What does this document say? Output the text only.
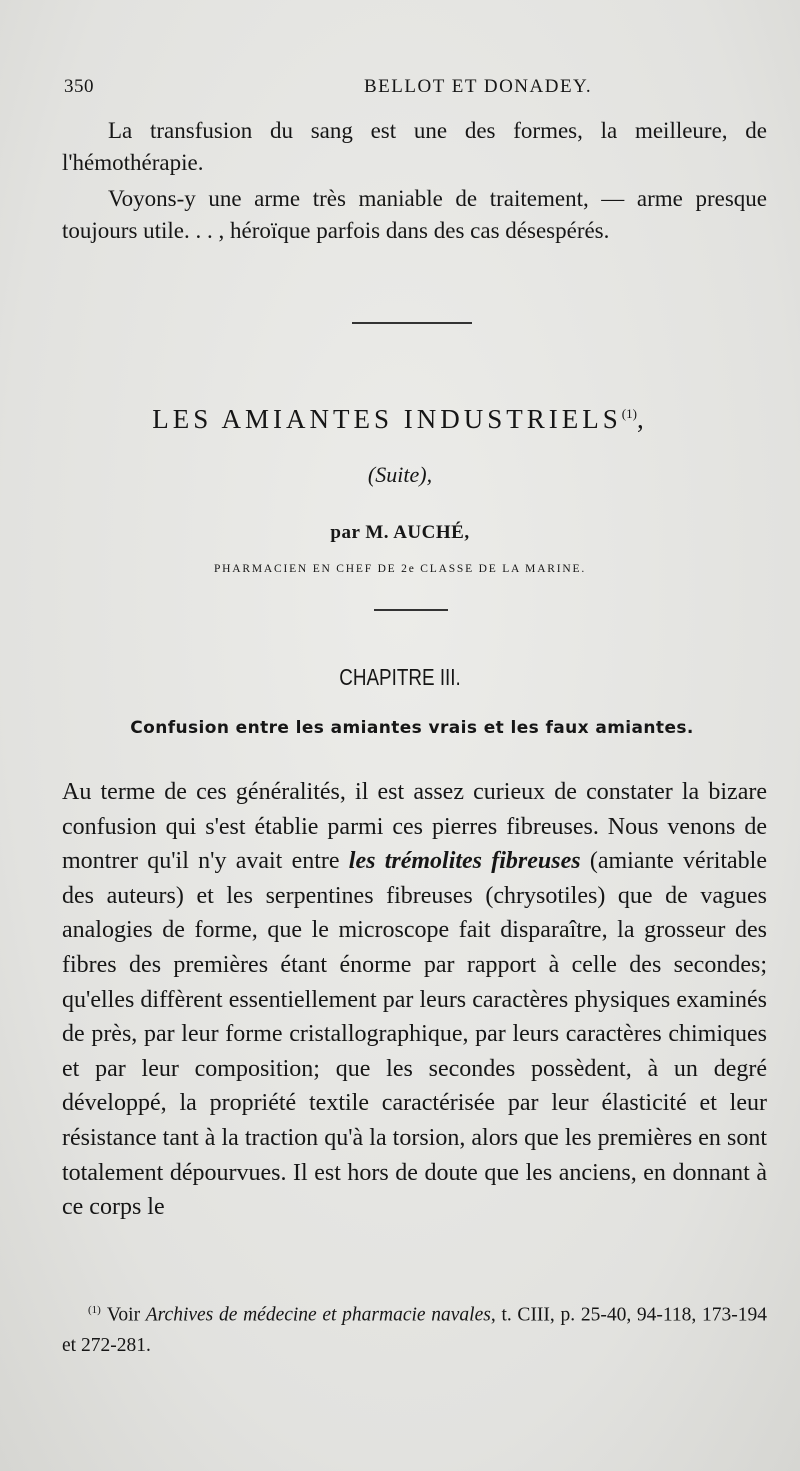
350	BELLOT ET DONADEY.

La transfusion du sang est une des formes, la meilleure, de l'hémothérapie.

Voyons-y une arme très maniable de traitement, — arme presque toujours utile. . . , héroïque parfois dans des cas désespérés.

LES AMIANTES INDUSTRIELS$^{(1)}$,
(Suite),
par M. AUCHÉ,
PHARMACIEN EN CHEF DE 2e CLASSE DE LA MARINE.
CHAPITRE III.
Confusion entre les amiantes vrais et les faux amiantes.

Au terme de ces généralités, il est assez curieux de constater la bizare confusion qui s'est établie parmi ces pierres fibreuses. Nous venons de montrer qu'il n'y avait entre les trémolites fibreuses (amiante véritable des auteurs) et les serpentines fibreuses (chrysotiles) que de vagues analogies de forme, que le microscope fait disparaître, la grosseur des fibres des premières étant énorme par rapport à celle des secondes; qu'elles diffèrent essentiellement par leurs caractères physiques examinés de près, par leur forme cristallographique, par leurs caractères chimiques et par leur composition; que les secondes possèdent, à un degré développé, la propriété textile caractérisée par leur élasticité et leur résistance tant à la traction qu'à la torsion, alors que les premières en sont totalement dépourvues. Il est hors de doute que les anciens, en donnant à ce corps le

$^{(1)}$ Voir Archives de médecine et pharmacie navales, t. CIII, p. 25-40, 94-118, 173-194 et 272-281.
